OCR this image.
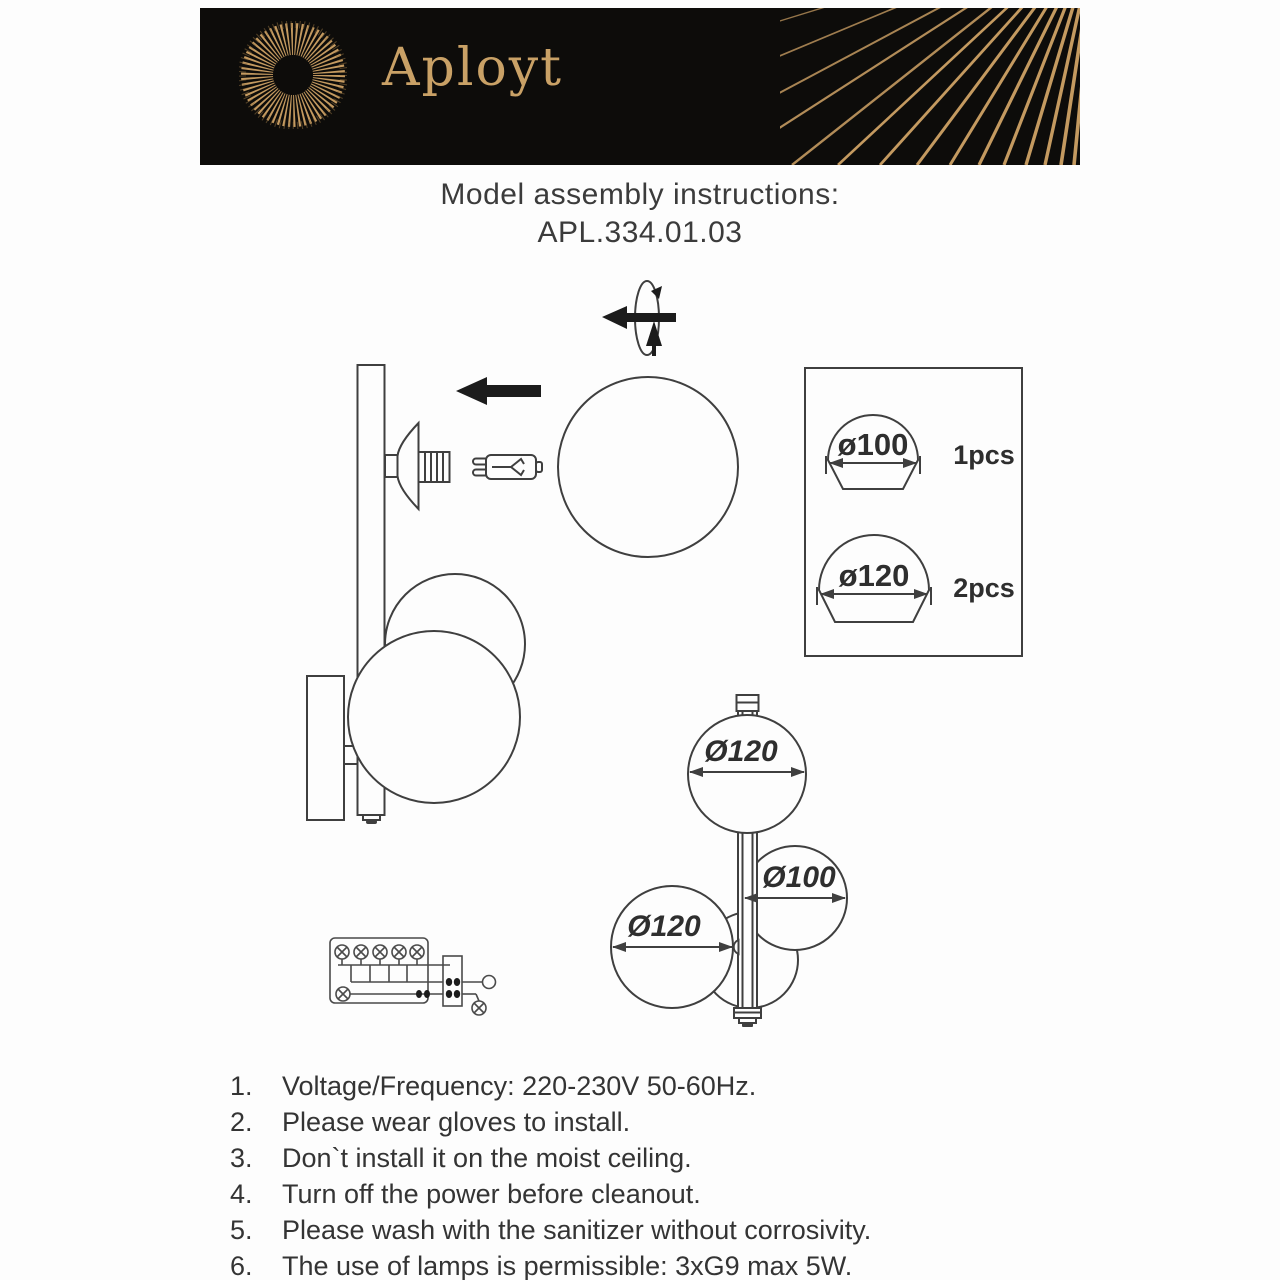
Aployt
Model assembly instructions:
APL.334.01.03
ø100 1pcs
ø120 2pcs
Ø120
Ø100
Ø120
1.	Voltage/Frequency: 220-230V 50-60Hz.
2.	Please wear gloves to install.
3.	Don`t install it on the moist ceiling.
4.	Turn off the power before cleanout.
5.	Please wash with the sanitizer without corrosivity.
6.	The use of lamps is permissible: 3xG9 max 5W.
